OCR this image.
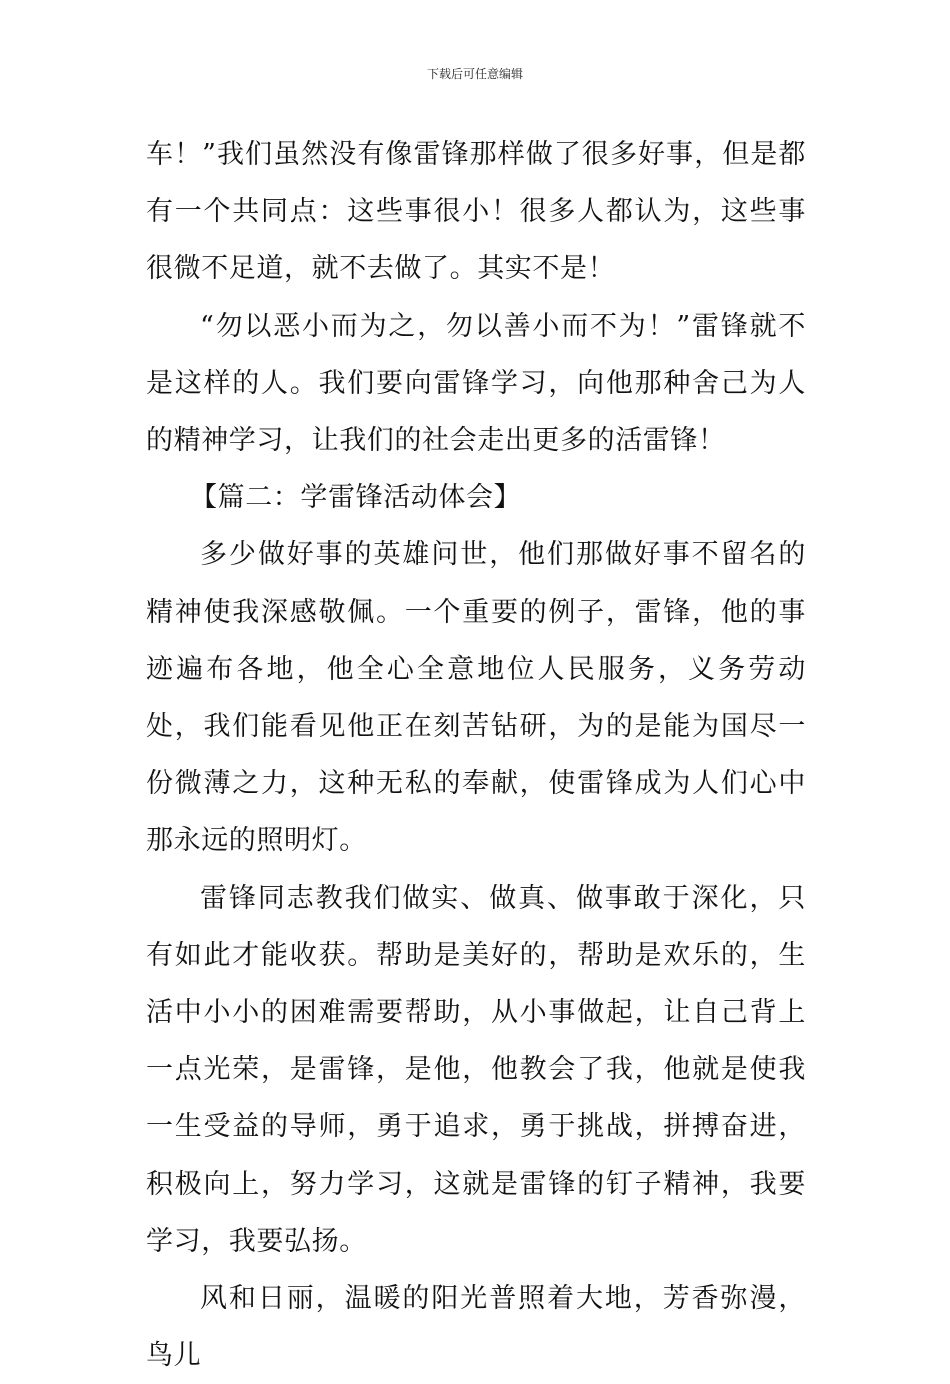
下载后可任意编辑

车！”我们虽然没有像雷锋那样做了很多好事，但是都有一个共同点：这些事很小！很多人都认为，这些事很微不足道，就不去做了。其实不是！

“勿以恶小而为之，勿以善小而不为！”雷锋就不是这样的人。我们要向雷锋学习，向他那种舍己为人的精神学习，让我们的社会走出更多的活雷锋！

【篇二：学雷锋活动体会】

多少做好事的英雄问世，他们那做好事不留名的精神使我深感敬佩。一个重要的例子，雷锋，他的事迹遍布各地，他全心全意地位人民服务，义务劳动处，我们能看见他正在刻苦钻研，为的是能为国尽一份微薄之力，这种无私的奉献，使雷锋成为人们心中那永远的照明灯。

雷锋同志教我们做实、做真、做事敢于深化，只有如此才能收获。帮助是美好的，帮助是欢乐的，生活中小小的困难需要帮助，从小事做起，让自己背上一点光荣，是雷锋，是他，他教会了我，他就是使我一生受益的导师，勇于追求，勇于挑战，拼搏奋进，积极向上，努力学习，这就是雷锋的钉子精神，我要学习，我要弘扬。

风和日丽，温暖的阳光普照着大地，芳香弥漫，鸟儿
